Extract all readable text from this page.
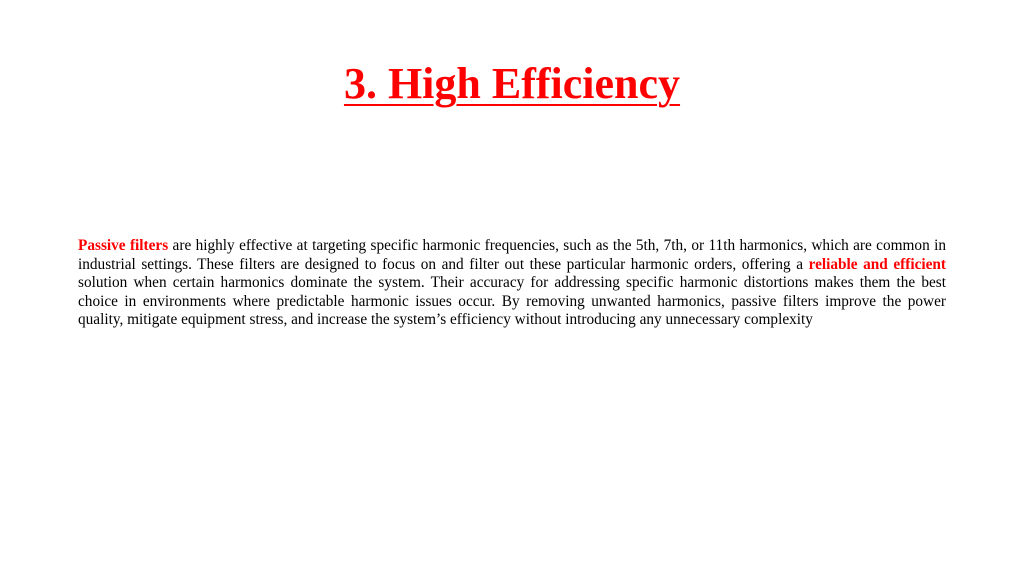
3. High Efficiency

Passive filters are highly effective at targeting specific harmonic frequencies, such as the 5th, 7th, or 11th harmonics, which are common in industrial settings. These filters are designed to focus on and filter out these particular harmonic orders, offering a reliable and efficient solution when certain harmonics dominate the system. Their accuracy for addressing specific harmonic distortions makes them the best choice in environments where predictable harmonic issues occur. By removing unwanted harmonics, passive filters improve the power quality, mitigate equipment stress, and increase the system’s efficiency without introducing any unnecessary complexity
